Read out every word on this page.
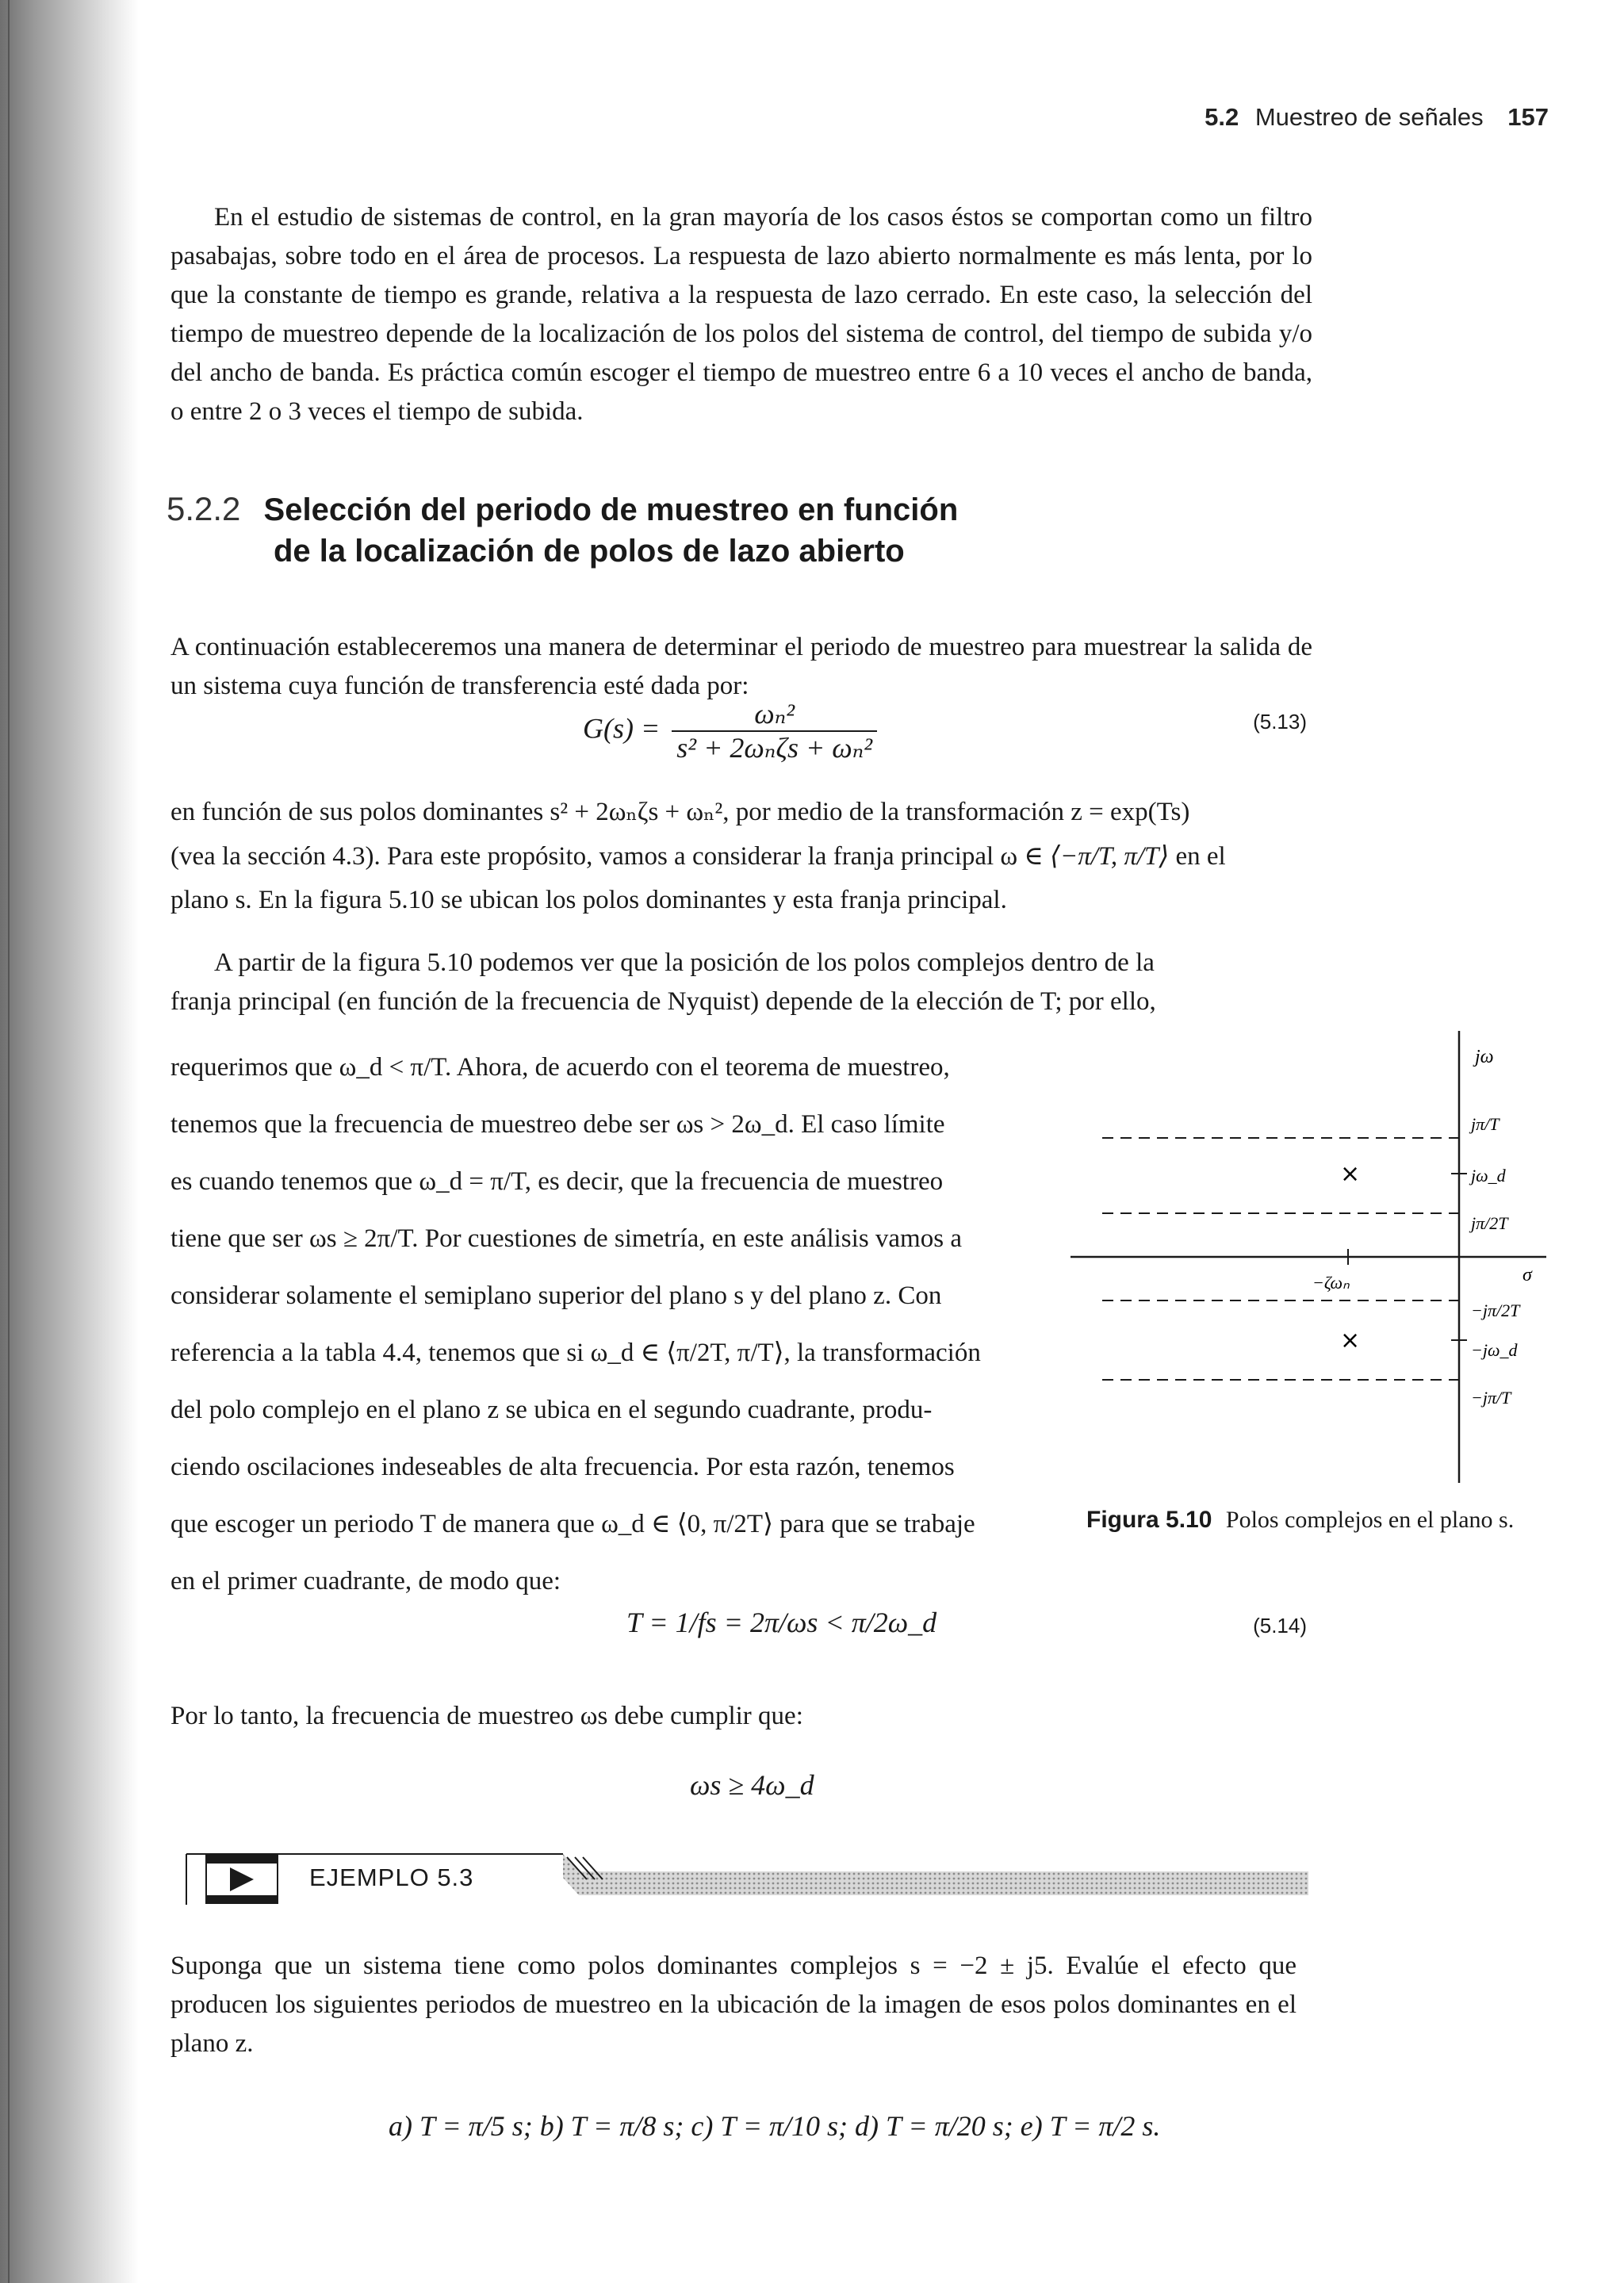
5.2 Muestreo de señales 157

En el estudio de sistemas de control, en la gran mayoría de los casos éstos se comportan como un filtro pasabajas, sobre todo en el área de procesos. La respuesta de lazo abierto normalmente es más lenta, por lo que la constante de tiempo es grande, relativa a la respuesta de lazo cerrado. En este caso, la selección del tiempo de muestreo depende de la localización de los polos del sistema de control, del tiempo de subida y/o del ancho de banda. Es práctica común escoger el tiempo de muestreo entre 6 a 10 veces el ancho de banda, o entre 2 o 3 veces el tiempo de subida.

5.2.2 Selección del periodo de muestreo en función
de la localización de polos de lazo abierto

A continuación estableceremos una manera de determinar el periodo de muestreo para muestrear la salida de un sistema cuya función de transferencia esté dada por:

$G(s) = \frac{\text{ωₙ²}}{\text{s² + 2ωₙζs + ωₙ²}}$	(5.13)

en función de sus polos dominantes s² + 2ωₙζs + ωₙ², por medio de la transformación z = exp(Ts)

(vea la sección 4.3). Para este propósito, vamos a considerar la franja principal ω ∈ ⟨−π/T, π/T⟩ en el

plano s. En la figura 5.10 se ubican los polos dominantes y esta franja principal.

A partir de la figura 5.10 podemos ver que la posición de los polos complejos dentro de la

franja principal (en función de la frecuencia de Nyquist) depende de la elección de T; por ello,

requerimos que ω_d < π/T. Ahora, de acuerdo con el teorema de muestreo,

tenemos que la frecuencia de muestreo debe ser ωs > 2ω_d. El caso límite

es cuando tenemos que ω_d = π/T, es decir, que la frecuencia de muestreo

tiene que ser ωs ≥ 2π/T. Por cuestiones de simetría, en este análisis vamos a

considerar solamente el semiplano superior del plano s y del plano z. Con

referencia a la tabla 4.4, tenemos que si ω_d ∈ ⟨π/2T, π/T⟩, la transformación

del polo complejo en el plano z se ubica en el segundo cuadrante, produ-

ciendo oscilaciones indeseables de alta frecuencia. Por esta razón, tenemos

que escoger un periodo T de manera que ω_d ∈ ⟨0, π/2T⟩ para que se trabaje

en el primer cuadrante, de modo que:

×
×
jω
σ
−ζωₙ
jπ/T
jω_d
jπ/2T
−jπ/2T
−jω_d
−jπ/T
Figura 5.10 Polos complejos en el plano s.
T = 1/fs = 2π/ωs < π/2ω_d	(5.14)

Por lo tanto, la frecuencia de muestreo ωs debe cumplir que:

ωs ≥ 4ω_d
EJEMPLO 5.3

Suponga que un sistema tiene como polos dominantes complejos s = −2 ± j5. Evalúe el efecto que producen los siguientes periodos de muestreo en la ubicación de la imagen de esos polos dominantes en el plano z.

a) T = π/5 s; b) T = π/8 s; c) T = π/10 s; d) T = π/20 s; e) T = π/2 s.
